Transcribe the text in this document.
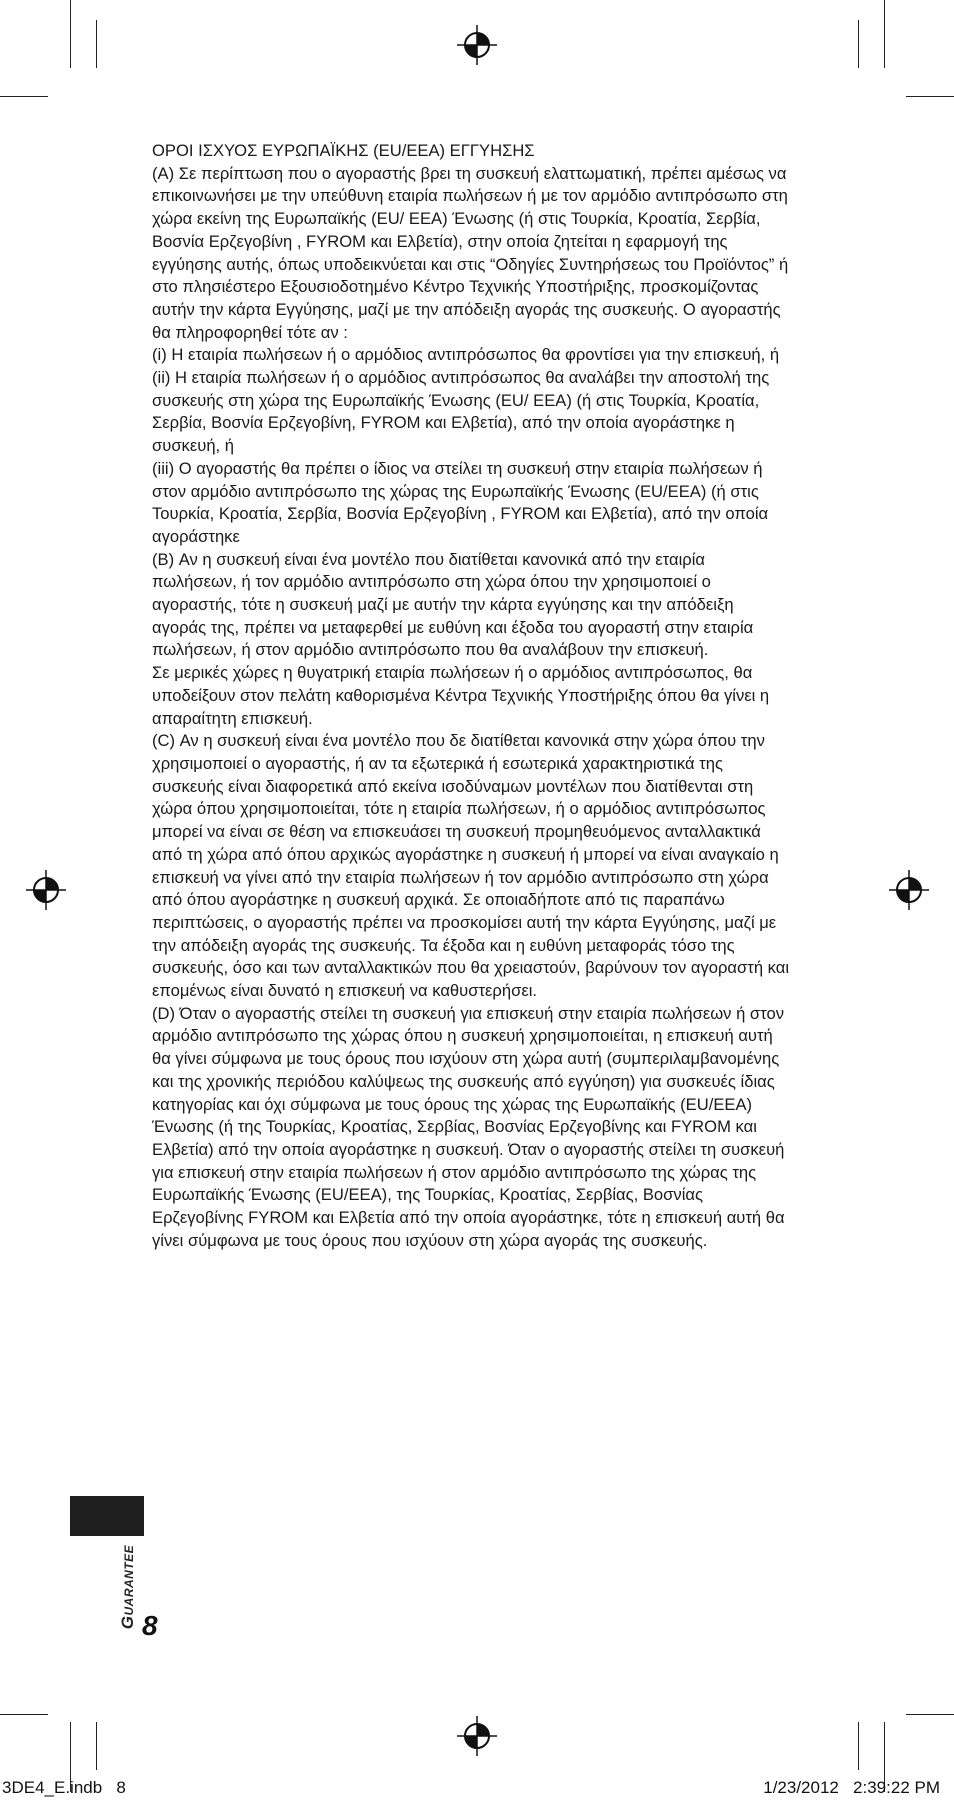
ΟΡΟΙ ΙΣΧΥΟΣ ΕΥΡΩΠΑΪΚΗΣ (EU/EEA) ΕΓΓΥΗΣΗΣ

(A) Σε περίπτωση που ο αγοραστής βρει τη συσκευή ελαττωματική, πρέπει αμέσως να επικοινωνήσει με την υπεύθυνη εταιρία πωλήσεων ή με τον αρμόδιο αντιπρόσωπο στη χώρα εκείνη της Ευρωπαϊκής (EU/ EEA) Ένωσης (ή στις Τουρκία, Κροατία, Σερβία, Βοσνία Ερζεγοβίνη , FYROM και Ελβετία), στην οποία ζητείται η εφαρμογή της εγγύησης αυτής, όπως υποδεικνύεται και στις “Οδηγίες Συντηρήσεως του Προϊόντος” ή στο πλησιέστερο Εξουσιοδοτημένο Κέντρο Τεχνικής Υποστήριξης, προσκομίζοντας αυτήν την κάρτα Εγγύησης, μαζί με την απόδειξη αγοράς της συσκευής. Ο αγοραστής θα πληροφορηθεί τότε αν :

(i) Η εταιρία πωλήσεων ή ο αρμόδιος αντιπρόσωπος θα φροντίσει για την επισκευή, ή

(ii) Η εταιρία πωλήσεων ή ο αρμόδιος αντιπρόσωπος θα αναλάβει την αποστολή της συσκευής στη χώρα της Ευρωπαϊκής Ένωσης (EU/ EEA) (ή στις Τουρκία, Κροατία, Σερβία, Βοσνία Ερζεγοβίνη, FYROM και Ελβετία), από την οποία αγοράστηκε η συσκευή, ή

(iii) Ο αγοραστής θα πρέπει ο ίδιος να στείλει τη συσκευή στην εταιρία πωλήσεων ή στον αρμόδιο αντιπρόσωπο της χώρας της Ευρωπαϊκής Ένωσης (EU/EEA) (ή στις Τουρκία, Κροατία, Σερβία, Βοσνία Ερζεγοβίνη , FYROM και Ελβετία), από την οποία αγοράστηκε

(B) Αν η συσκευή είναι ένα μοντέλο που διατίθεται κανονικά από την εταιρία πωλήσεων, ή τον αρμόδιο αντιπρόσωπο στη χώρα όπου την χρησιμοποιεί ο αγοραστής, τότε η συσκευή μαζί με αυτήν την κάρτα εγγύησης και την απόδειξη αγοράς της, πρέπει να μεταφερθεί με ευθύνη και έξοδα του αγοραστή στην εταιρία πωλήσεων, ή στον αρμόδιο αντιπρόσωπο που θα αναλάβουν την επισκευή.

Σε μερικές χώρες η θυγατρική εταιρία πωλήσεων ή ο αρμόδιος αντιπρόσωπος, θα υποδείξουν στον πελάτη καθορισμένα Κέντρα Τεχνικής Υποστήριξης όπου θα γίνει η απαραίτητη επισκευή.

(C) Αν η συσκευή είναι ένα μοντέλο που δε διατίθεται κανονικά στην χώρα όπου την χρησιμοποιεί ο αγοραστής, ή αν τα εξωτερικά ή εσωτερικά χαρακτηριστικά της συσκευής είναι διαφορετικά από εκείνα ισοδύναμων μοντέλων που διατίθενται στη χώρα όπου χρησιμοποιείται, τότε η εταιρία πωλήσεων, ή ο αρμόδιος αντιπρόσωπος μπορεί να είναι σε θέση να επισκευάσει τη συσκευή προμηθευόμενος ανταλλακτικά από τη χώρα από όπου αρχικώς αγοράστηκε η συσκευή ή μπορεί να είναι αναγκαίο η επισκευή να γίνει από την εταιρία πωλήσεων ή τον αρμόδιο αντιπρόσωπο στη χώρα από όπου αγοράστηκε η συσκευή αρχικά. Σε οποιαδήποτε από τις παραπάνω περιπτώσεις, ο αγοραστής πρέπει να προσκομίσει αυτή την κάρτα Εγγύησης, μαζί με την απόδειξη αγοράς της συσκευής. Τα έξοδα και η ευθύνη μεταφοράς τόσο της συσκευής, όσο και των ανταλλακτικών που θα χρειαστούν, βαρύνουν τον αγοραστή και επομένως είναι δυνατό η επισκευή να καθυστερήσει.

(D) Όταν ο αγοραστής στείλει τη συσκευή για επισκευή στην εταιρία πωλήσεων ή στον αρμόδιο αντιπρόσωπο της χώρας όπου η συσκευή χρησιμοποιείται, η επισκευή αυτή θα γίνει σύμφωνα με τους όρους που ισχύουν στη χώρα αυτή (συμπεριλαμβανομένης και της χρονικής περιόδου καλύψεως της συσκευής από εγγύηση) για συσκευές ίδιας κατηγορίας και όχι σύμφωνα με τους όρους της χώρας της Ευρωπαϊκής (EU/EEA) Ένωσης (ή της Τουρκίας, Κροατίας, Σερβίας, Βοσνίας Ερζεγοβίνης και FYROM και Ελβετία) από την οποία αγοράστηκε η συσκευή. Όταν ο αγοραστής στείλει τη συσκευή για επισκευή στην εταιρία πωλήσεων ή στον αρμόδιο αντιπρόσωπο της χώρας της Ευρωπαϊκής Ένωσης (EU/EEA), της Τουρκίας, Κροατίας, Σερβίας, Βοσνίας Ερζεγοβίνης FYROM και Ελβετία από την οποία αγοράστηκε, τότε η επισκευή αυτή θα γίνει σύμφωνα με τους όρους που ισχύουν στη χώρα αγοράς της συσκευής.

Guarantee 8
3DE4_E.indb   8	1/23/2012   2:39:22 PM
